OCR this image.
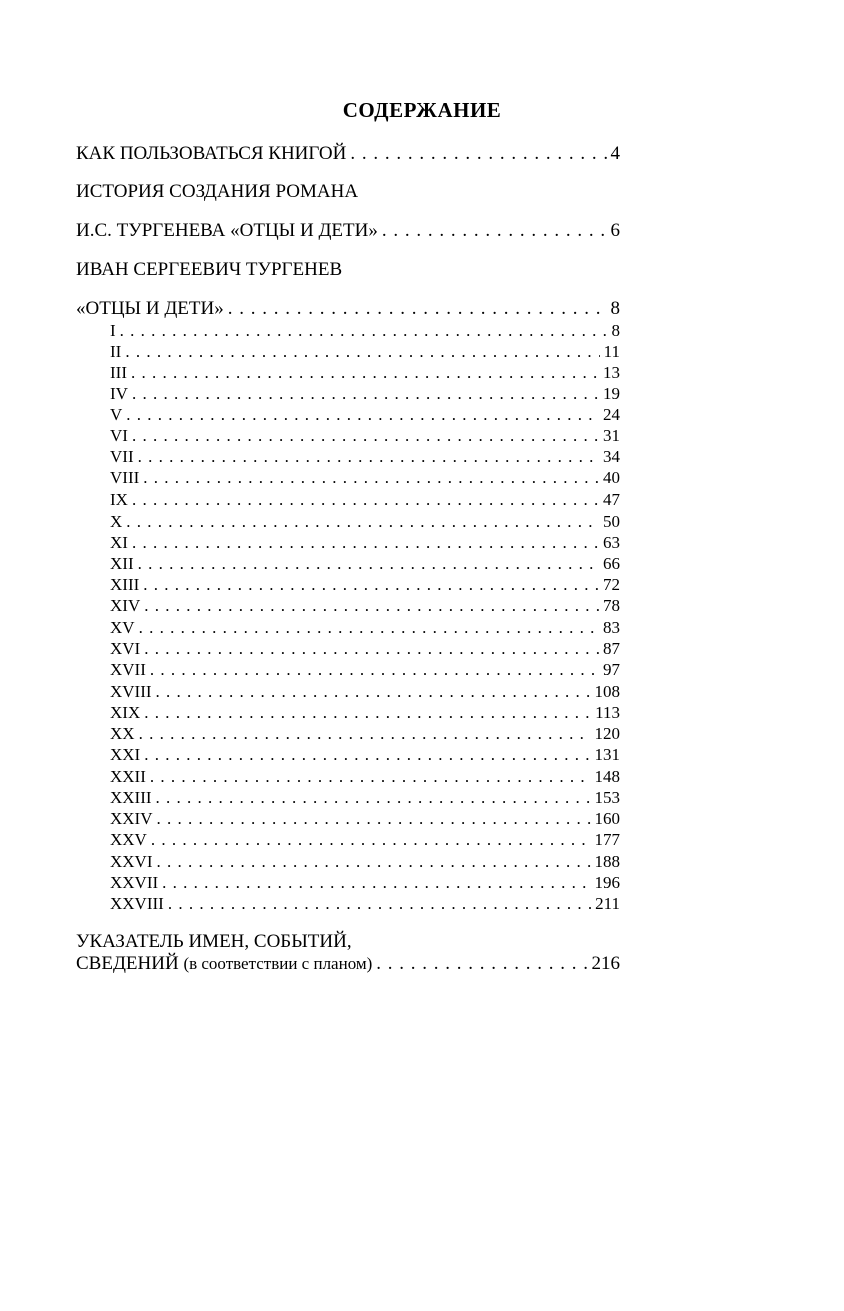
СОДЕРЖАНИЕ
КАК ПОЛЬЗОВАТЬСЯ КНИГОЙ . . .	4
ИСТОРИЯ СОЗДАНИЯ РОМАНА
И.С. ТУРГЕНЕВА «ОТЦЫ И ДЕТИ» . . .	6
ИВАН СЕРГЕЕВИЧ ТУРГЕНЕВ
«ОТЦЫ И ДЕТИ» . . .	8
I . . .	8
II . . .	11
III . . .	13
IV . . .	19
V . . .	24
VI . . .	31
VII . . .	34
VIII . . .	40
IX . . .	47
X . . .	50
XI . . .	63
XII . . .	66
XIII . . .	72
XIV . . .	78
XV . . .	83
XVI . . .	87
XVII . . .	97
XVIII . . .	108
XIX . . .	113
XX . . .	120
XXI . . .	131
XXII . . .	148
XXIII . . .	153
XXIV . . .	160
XXV . . .	177
XXVI . . .	188
XXVII . . .	196
XXVIII . . .	211
УКАЗАТЕЛЬ ИМЕН, СОБЫТИЙ,
СВЕДЕНИЙ (в соответствии с планом) . . .	216
